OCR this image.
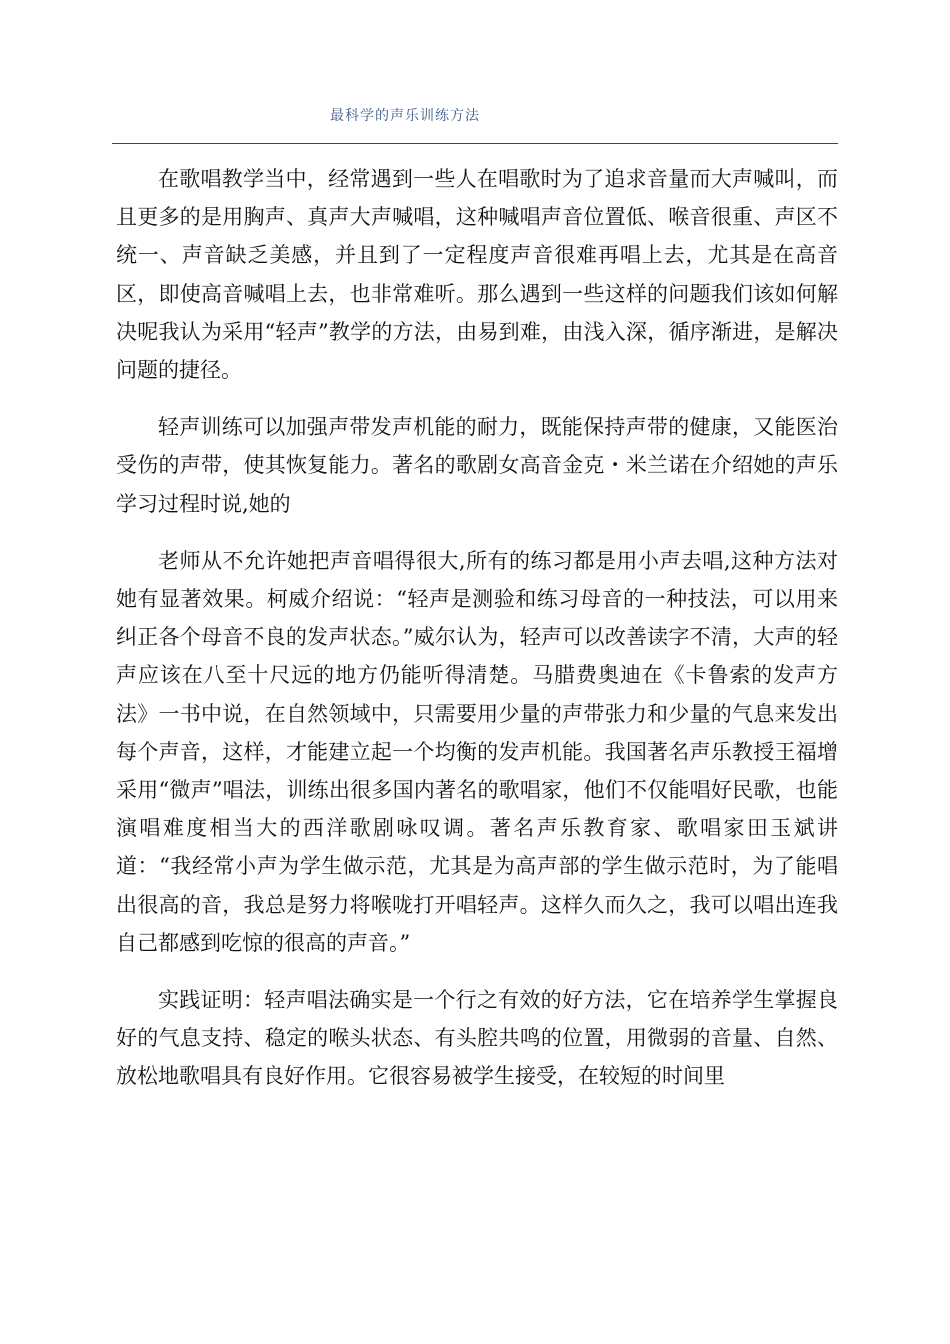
最科学的声乐训练方法

在歌唱教学当中，经常遇到一些人在唱歌时为了追求音量而大声喊叫，而且更多的是用胸声、真声大声喊唱，这种喊唱声音位置低、喉音很重、声区不统一、声音缺乏美感，并且到了一定程度声音很难再唱上去，尤其是在高音区，即使高音喊唱上去，也非常难听。那么遇到一些这样的问题我们该如何解决呢我认为采用“轻声”教学的方法，由易到难，由浅入深，循序渐进，是解决问题的捷径。

轻声训练可以加强声带发声机能的耐力，既能保持声带的健康，又能医治受伤的声带，使其恢复能力。著名的歌剧女高音金克・米兰诺在介绍她的声乐学习过程时说,她的

老师从不允许她把声音唱得很大,所有的练习都是用小声去唱,这种方法对她有显著效果。柯威介绍说：“轻声是测验和练习母音的一种技法，可以用来纠正各个母音不良的发声状态。”威尔认为，轻声可以改善读字不清，大声的轻声应该在八至十尺远的地方仍能听得清楚。马腊费奥迪在《卡鲁索的发声方法》一书中说，在自然领域中，只需要用少量的声带张力和少量的气息来发出每个声音，这样，才能建立起一个均衡的发声机能。我国著名声乐教授王福增采用“微声”唱法，训练出很多国内著名的歌唱家，他们不仅能唱好民歌，也能演唱难度相当大的西洋歌剧咏叹调。著名声乐教育家、歌唱家田玉斌讲道：“我经常小声为学生做示范，尤其是为高声部的学生做示范时，为了能唱出很高的音，我总是努力将喉咙打开唱轻声。这样久而久之，我可以唱出连我自己都感到吃惊的很高的声音。”

实践证明：轻声唱法确实是一个行之有效的好方法，它在培养学生掌握良好的气息支持、稳定的喉头状态、有头腔共鸣的位置，用微弱的音量、自然、放松地歌唱具有良好作用。它很容易被学生接受，在较短的时间里
